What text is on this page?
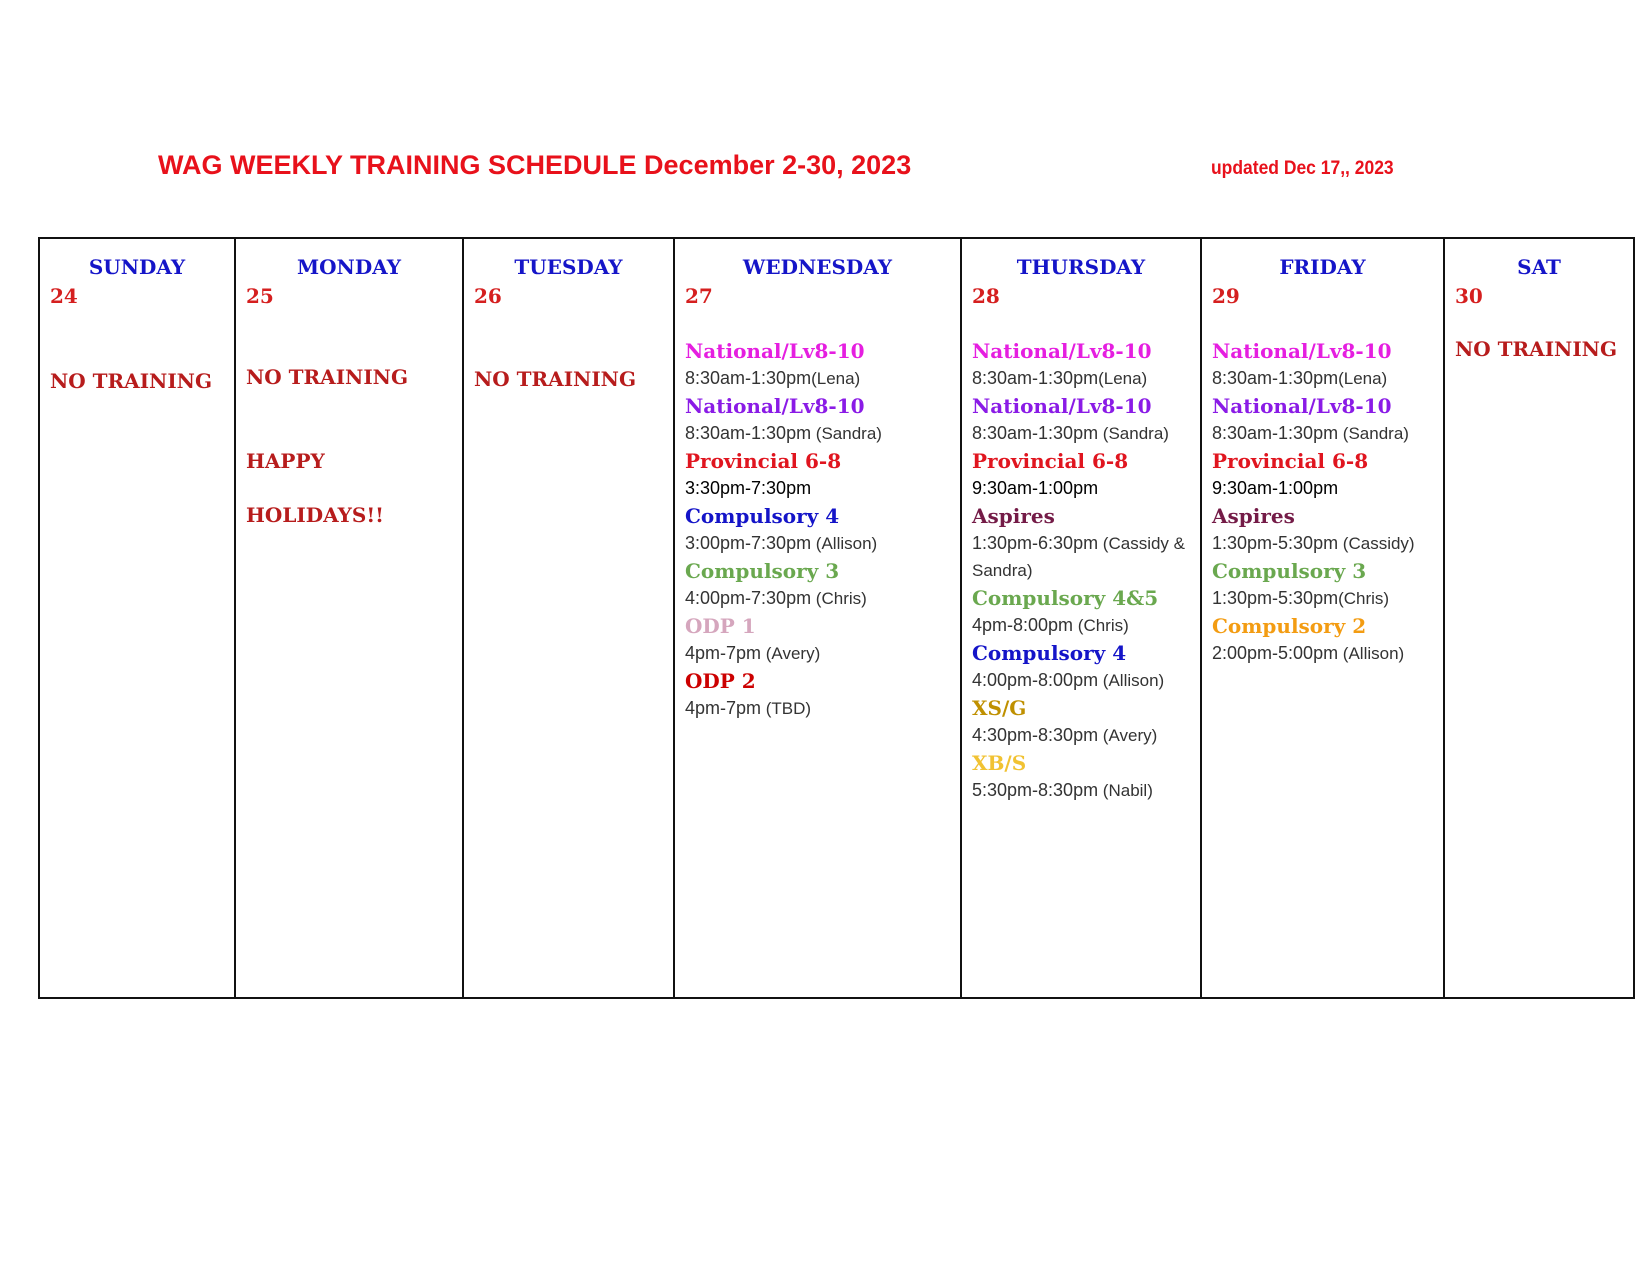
WAG WEEKLY TRAINING SCHEDULE December 2-30, 2023	updated Dec 17,, 2023
SUNDAY
24
NO TRAINING

MONDAY
25
NO TRAINING
HAPPY
HOLIDAYS!!

TUESDAY
26
NO TRAINING

WEDNESDAY
27
National/Lv8-10
8:30am-1:30pm(Lena)
National/Lv8-10
8:30am-1:30pm (Sandra)
Provincial 6-8
3:30pm-7:30pm
Compulsory 4
3:00pm-7:30pm (Allison)
Compulsory 3
4:00pm-7:30pm (Chris)
ODP 1
4pm-7pm (Avery)
ODP 2
4pm-7pm (TBD)

THURSDAY
28
National/Lv8-10
8:30am-1:30pm(Lena)
National/Lv8-10
8:30am-1:30pm (Sandra)
Provincial 6-8
9:30am-1:00pm
Aspires
1:30pm-6:30pm (Cassidy & Sandra)
Compulsory 4&5
4pm-8:00pm (Chris)
Compulsory 4
4:00pm-8:00pm (Allison)
XS/G
4:30pm-8:30pm (Avery)
XB/S
5:30pm-8:30pm (Nabil)

FRIDAY
29
National/Lv8-10
8:30am-1:30pm(Lena)
National/Lv8-10
8:30am-1:30pm (Sandra)
Provincial 6-8
9:30am-1:00pm
Aspires
1:30pm-5:30pm (Cassidy)
Compulsory 3
1:30pm-5:30pm(Chris)
Compulsory 2
2:00pm-5:00pm (Allison)

SAT
30
NO TRAINING
